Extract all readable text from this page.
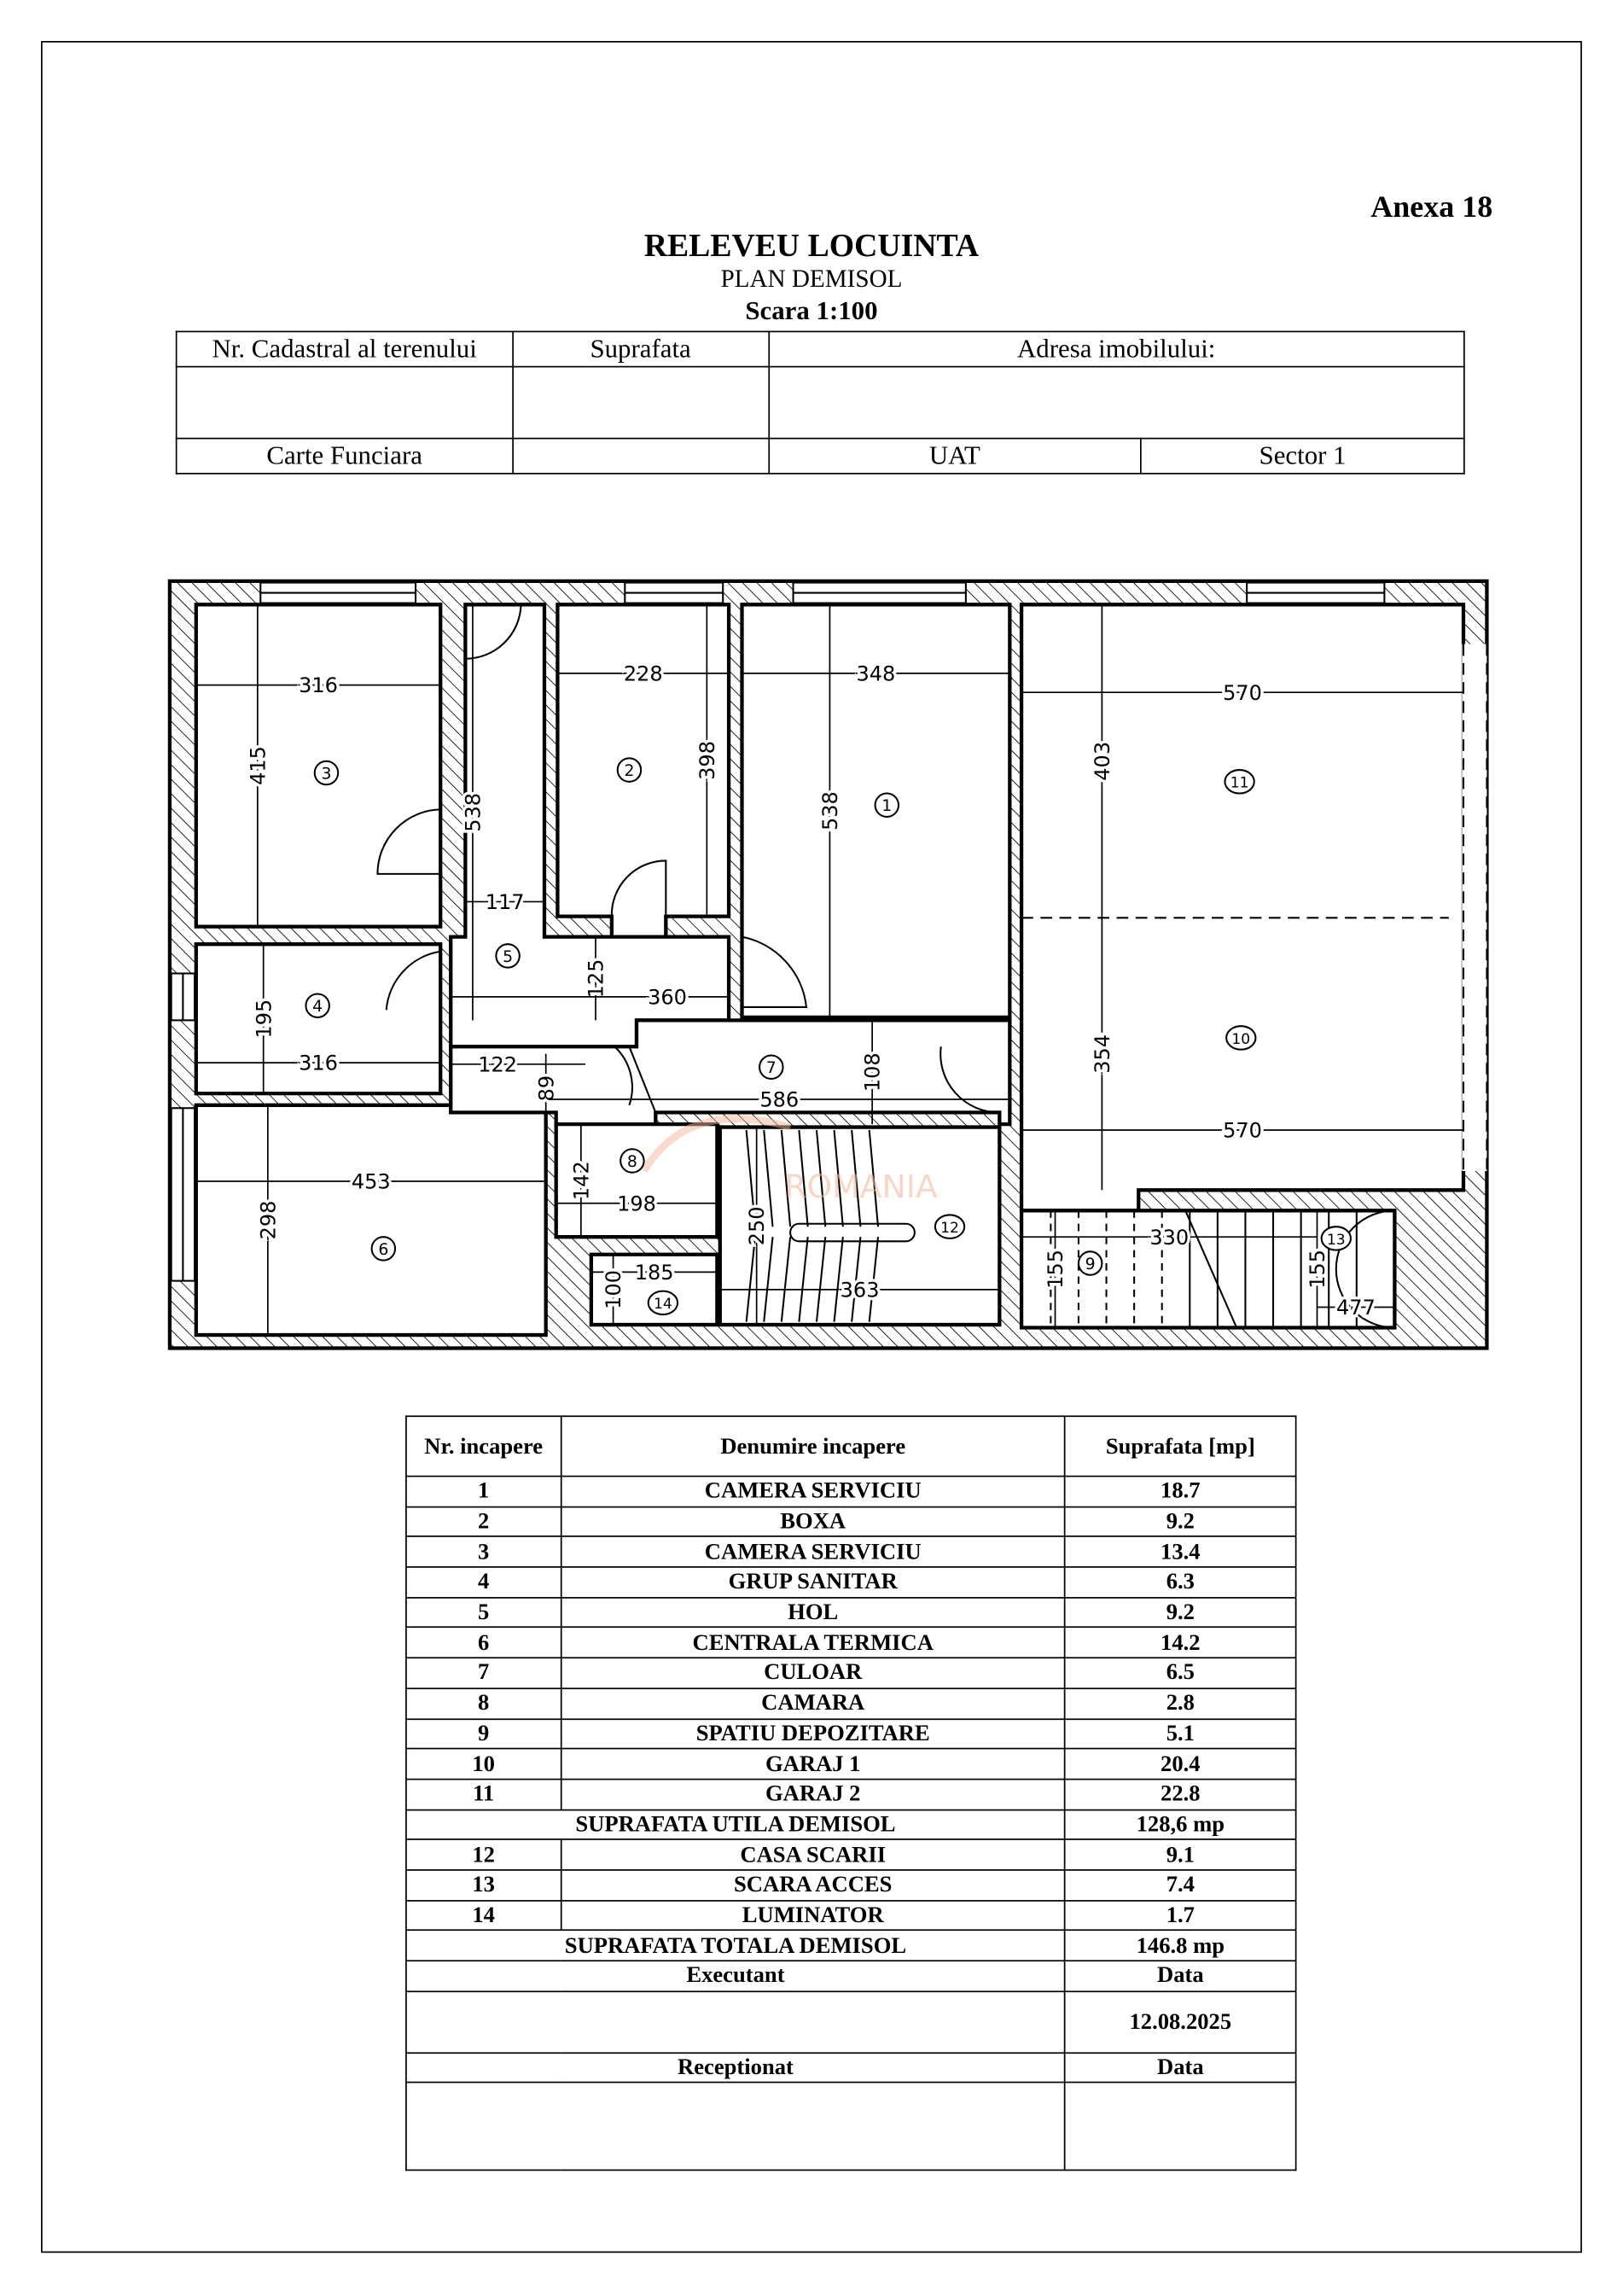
Anexa 18
RELEVEU LOCUINTA
PLAN DEMISOL
Scara 1:100
Nr. Cadastral al terenului	Suprafata	Adresa imobilului:	

Carte Funciara		UAT	Sector 1
ROMANIA
316
415
228
398
348
538
538
117
125	360
195
316	122
89	586
108
142
198
250
185
100	363
453
298
570
403
354
570
330
155	155
477
1
2
3
4
5
6
7
8
9
10
11
12
13
14
Nr. incapere	Denumire incapere	Suprafata [mp]
1	CAMERA SERVICIU	18.7
2	BOXA	9.2
3	CAMERA SERVICIU	13.4
4	GRUP SANITAR	6.3
5	HOL	9.2
6	CENTRALA TERMICA	14.2
7	CULOAR	6.5
8	CAMARA	2.8
9	SPATIU DEPOZITARE	5.1
10	GARAJ 1	20.4
11	GARAJ 2	22.8
SUPRAFATA UTILA DEMISOL		128,6 mp
12	CASA SCARII	9.1
13	SCARA ACCES	7.4
14	LUMINATOR	1.7
SUPRAFATA TOTALA DEMISOL		146.8 mp
Executant		Data
		12.08.2025
Receptionat		Data
